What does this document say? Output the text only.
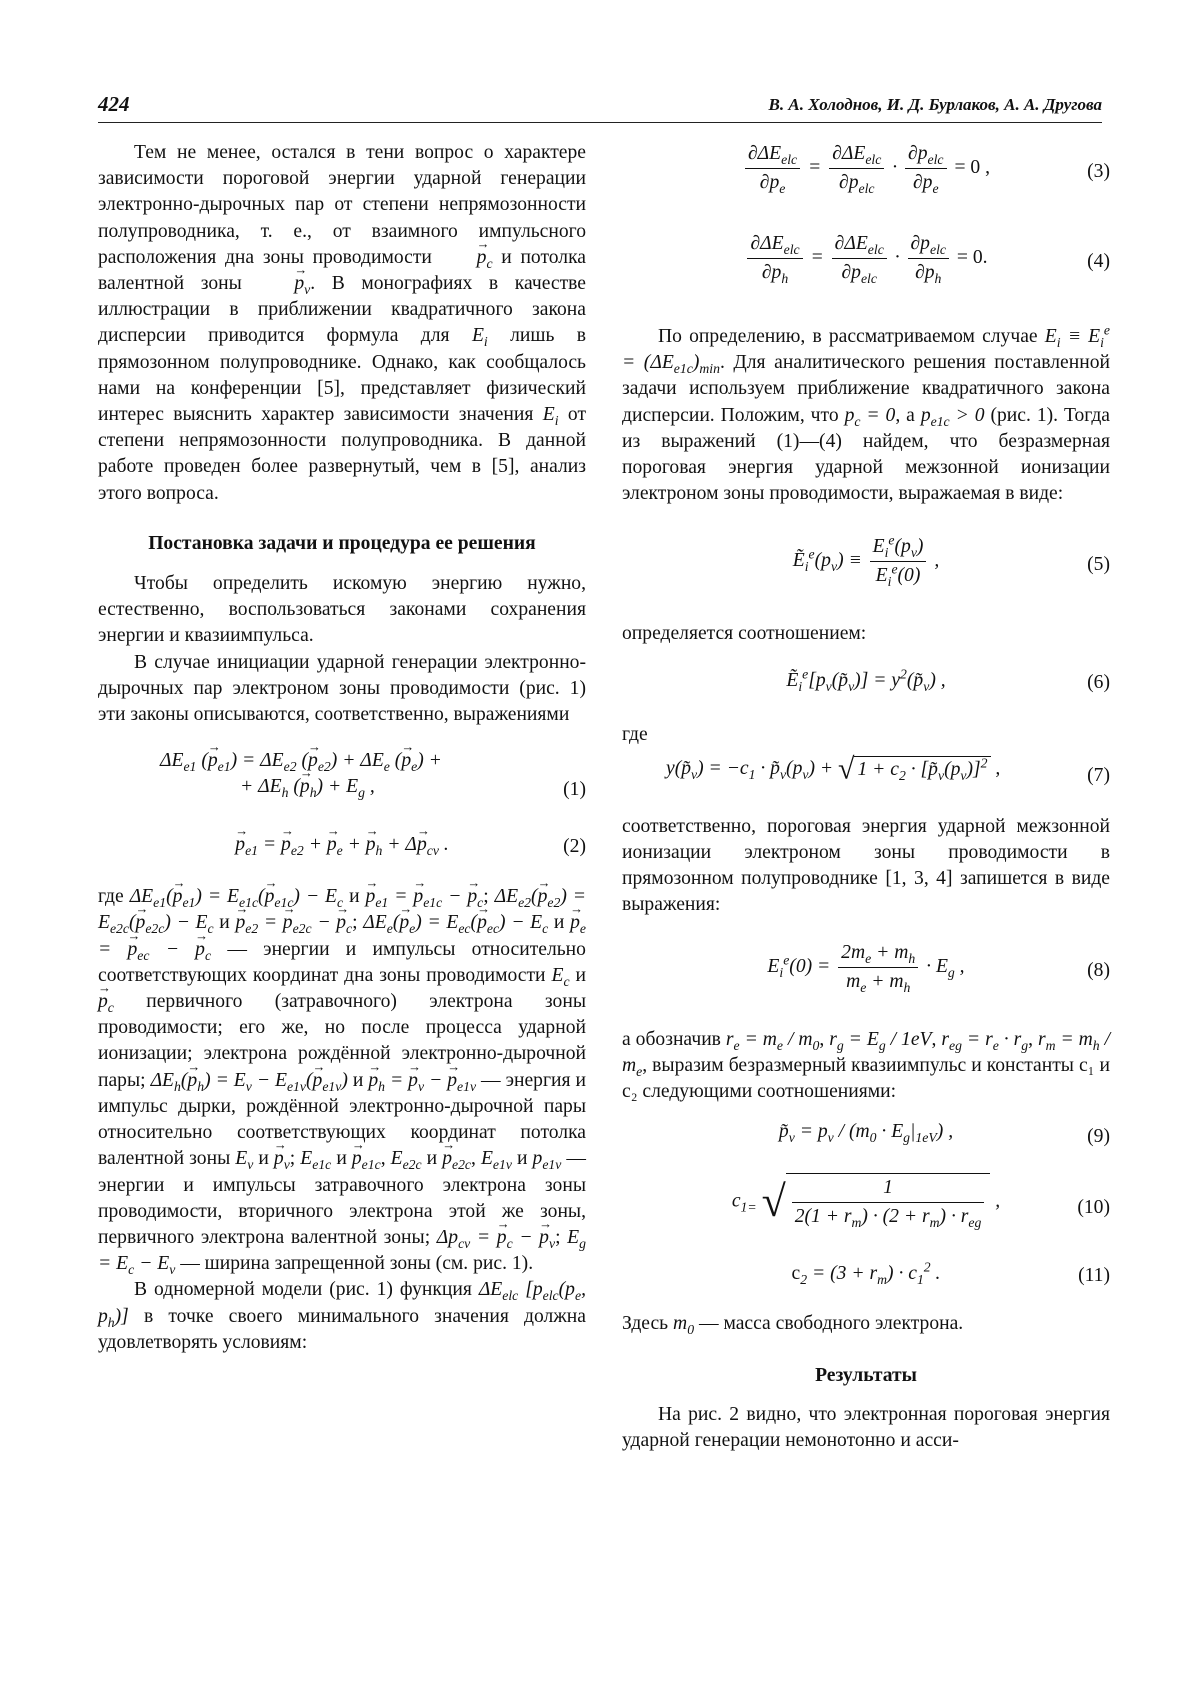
424	В. А. Холоднов, И. Д. Бурлаков, А. А. Другова

Тем не менее, остался в тени вопрос о характере зависимости пороговой энергии ударной генерации электронно-дырочных пар от степени непрямозонности полупроводника, т. е., от взаимного импульсного расположения дна зоны проводимости → $p_c$ и потолка валентной зоны	→ $p_v$. В монографиях в качестве иллюстрации в приближении квадратичного закона дисперсии приводится формула для $E_i$ лишь в прямозонном полупроводнике. Однако, как сообщалось нами на конференции [5], представляет физический интерес выяснить характер зависимости значения $E_i$ от степени непрямозонности полупроводника. В данной работе проведен более развернутый, чем в [5], анализ этого вопроса.

Постановка задачи и процедура ее решения

Чтобы определить искомую энергию нужно, естественно, воспользоваться законами сохранения энергии и квазиимпульса.

В случае инициации ударной генерации электронно-дырочных пар электроном зоны проводимости (рис. 1) эти законы описываются, соответственно, выражениями

$\Delta E_{e1}$ (→ $p_{e1}) = \Delta E_{e2}$ (→ $p_{e2}) + \Delta E_e$ (→ $p_e$) +
+ $\Delta E_h$ (→ $p_h) + E_g$ ,	(1)
→ $p_{e1}$ = → $p_{e2}$ + → $p_e$ + → $p_h + \Delta\to p_{cv}$ .	(2)

где $\Delta E_{e1}(\to p_{e1}) = E_{e1c}(\to p_{e1c}) - E_c$ $и \to p_{e1}$ = → $p_{e1c}$ − → $p_c$; $\Delta E_{e2}(\to p_{e2}) = E_{e2c}(\to p_{e2c}) - E_c$ $и \to p_{e2}$ = → $p_{e2c}$ − → $p_c$; $\Delta E_e(\to p_e) = E_{ec}(\to p_{ec}) - E_c$ $и \to p_e$ = → $p_{ec}$ − → $p_c$ — энергии и импульсы относительно соответствующих координат дна зоны проводимости $E_c$ $и \to p_c$ первичного (затравочного) электрона зоны проводимости; его же, но после процесса ударной ионизации; электрона рождённой электронно-дырочной пары; $\Delta E_h(\to p_h) = E_v - E_{e1v}(\to p_{e1v}) и \to p_h$ = → $p_v$ − → $p_{e1v}$ — энергия и импульс дырки, рождённой электронно-дырочной пары относительно соответствующих координат потолка валентной зоны $E_v$ $и \to p_v$; $E_{e1c}$ $и \to p_{e1c}$, $E_{e2c}$ $и \to p_{e2c}$, $E_{e1v}$ и $p_{e1v}$ — энергии и импульсы затравочного электрона зоны проводимости, вторичного электрона этой же зоны, первичного электрона валентной зоны; $\Delta p_{cv}$ = → $p_c$ − → $p_v$; $E_g = E_c - E_v$ — ширина запрещенной зоны (см. рис. 1).

В одномерной модели (рис. 1) функция $\Delta E_{elc}$ [$p_{elc}(p_e$, $p_h$)] в точке своего минимального значения должна удовлетворять условиям:

$\frac{\partial\Delta E_{elc}}{\partial p_e} = \frac{\partial\Delta E_{elc}}{\partial p_{elc}} \cdot \frac{\partial p_{elc}}{\partial p_e} = 0$ ,	(3)
$\frac{\partial\Delta E_{elc}}{\partial p_h} = \frac{\partial\Delta E_{elc}}{\partial p_{elc}} \cdot \frac{\partial p_{elc}}{\partial p_h} = 0$.	(4)

По определению, в рассматриваемом случае $E_i \equiv E_i^e = (\Delta E_{e1c})_{min}$. Для аналитического решения поставленной задачи используем приближение квадратичного закона дисперсии. Положим, что $p_c = 0$, а $p_{e1c} > 0$ (рис. 1). Тогда из выражений (1)—(4) найдем, что безразмерная пороговая энергия ударной межзонной ионизации электроном зоны проводимости, выражаемая в виде:

$Ẽ_i^e(p_v) \equiv \frac{E_i^e(p_v)}{E_i^e(0)}$ ,	(5)

определяется соотношением:

$Ẽ_i^e[p_v(p̃_v)]$ = $y^2(p̃_v)$ ,	(6)

где

$y(p̃_v) = -c_1$ · $p̃_v(p_v)$ + √ $1 + c_2$ · $[p̃_v(p_v)]^2$ ,	(7)

соответственно, пороговая энергия ударной межзонной ионизации электроном зоны проводимости в прямозонном полупроводнике [1, 3, 4] запишется в виде выражения:

$E_i^e(0) = \frac{2m_e + m_h}{m_e + m_h} \cdot E_g$ ,	(8)

а обозначив $r_e = m_e / m_0$, $r_g = E_g / 1eV$, $r_{eg} = r_e \cdot r_g$, $r_m = m_h / m_e$, выразим безразмерный квазиимпульс и константы c₁ и c₂ следующими соотношениями:

$p̃_v = p_v / (m_0 \cdot E_g|_{1eV})$ ,	(9)
$c_{1=}$ √ $\frac{1}{2(1 + r_m) \cdot (2 + r_m) \cdot r_{eg}}$ ,	(10)
$c_2 = (3 + r_m) \cdot c_1^2$ .	(11)

Здесь $m_0$ — масса свободного электрона.

Результаты

На рис. 2 видно, что электронная пороговая энергия ударной генерации немонотонно и асси-
